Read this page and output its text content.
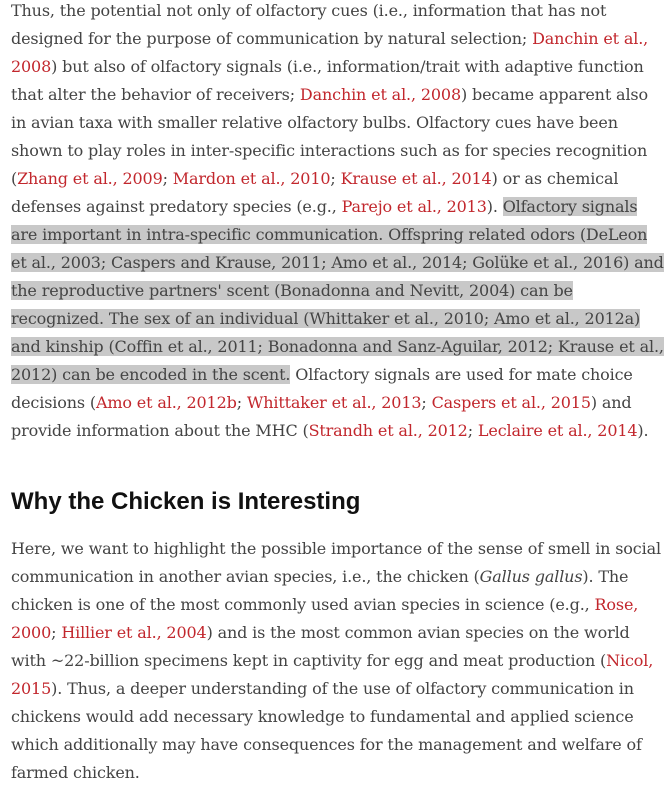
Thus, the potential not only of olfactory cues (i.e., information that has not designed for the purpose of communication by natural selection; Danchin et al., 2008) but also of olfactory signals (i.e., information/trait with adaptive function that alter the behavior of receivers; Danchin et al., 2008) became apparent also in avian taxa with smaller relative olfactory bulbs. Olfactory cues have been shown to play roles in inter-specific interactions such as for species recognition (Zhang et al., 2009; Mardon et al., 2010; Krause et al., 2014) or as chemical defenses against predatory species (e.g., Parejo et al., 2013). Olfactory signals are important in intra-specific communication. Offspring related odors (DeLeon et al., 2003; Caspers and Krause, 2011; Amo et al., 2014; Golüke et al., 2016) and the reproductive partners' scent (Bonadonna and Nevitt, 2004) can be recognized. The sex of an individual (Whittaker et al., 2010; Amo et al., 2012a) and kinship (Coffin et al., 2011; Bonadonna and Sanz-Aguilar, 2012; Krause et al., 2012) can be encoded in the scent. Olfactory signals are used for mate choice decisions (Amo et al., 2012b; Whittaker et al., 2013; Caspers et al., 2015) and provide information about the MHC (Strandh et al., 2012; Leclaire et al., 2014).

Why the Chicken is Interesting

Here, we want to highlight the possible importance of the sense of smell in social communication in another avian species, i.e., the chicken (Gallus gallus). The chicken is one of the most commonly used avian species in science (e.g., Rose, 2000; Hillier et al., 2004) and is the most common avian species on the world with ~22-billion specimens kept in captivity for egg and meat production (Nicol, 2015). Thus, a deeper understanding of the use of olfactory communication in chickens would add necessary knowledge to fundamental and applied science which additionally may have consequences for the management and welfare of farmed chicken.
